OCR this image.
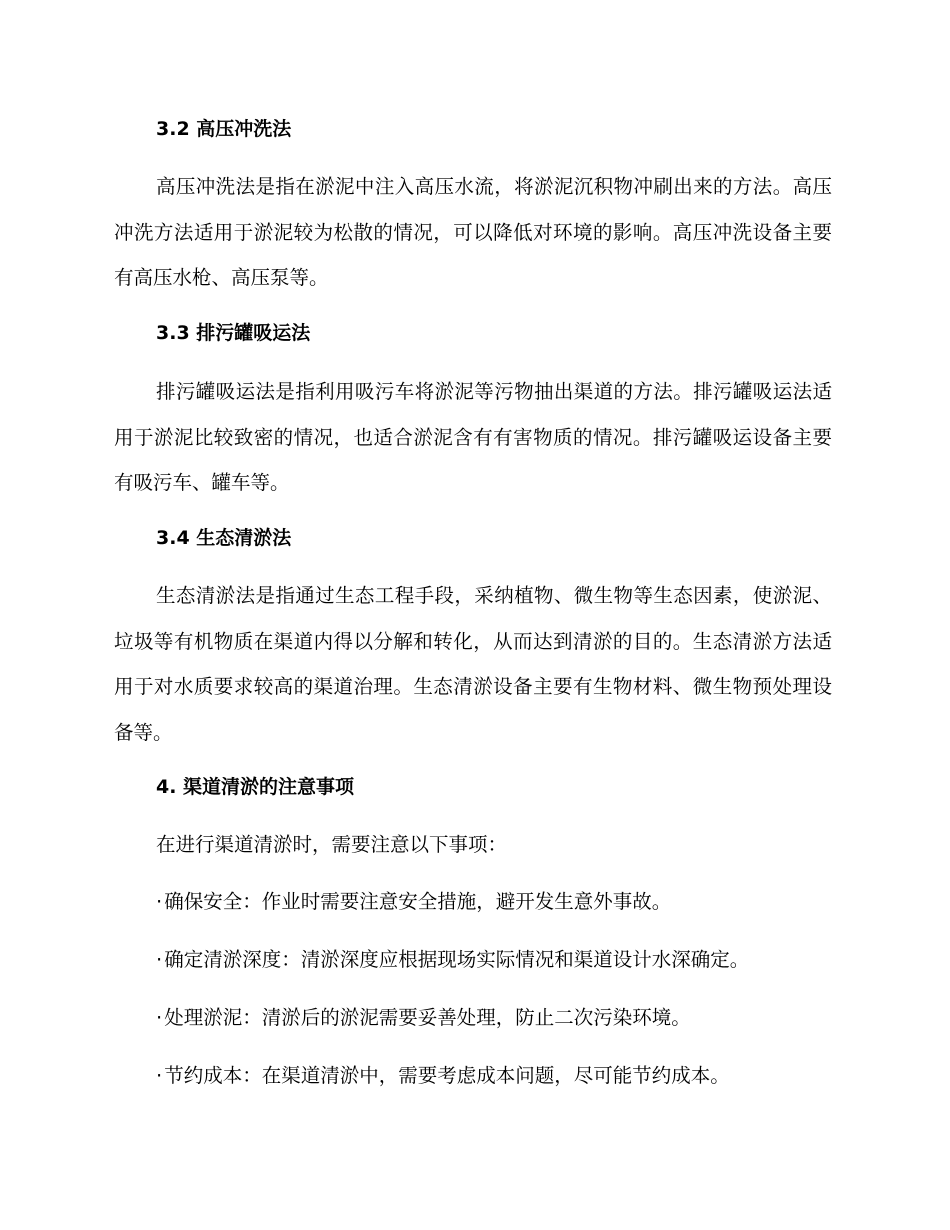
3.2 高压冲洗法

高压冲洗法是指在淤泥中注入高压水流，将淤泥沉积物冲刷出来的方法。高压冲洗方法适用于淤泥较为松散的情况，可以降低对环境的影响。高压冲洗设备主要有高压水枪、高压泵等。

3.3 排污罐吸运法

排污罐吸运法是指利用吸污车将淤泥等污物抽出渠道的方法。排污罐吸运法适用于淤泥比较致密的情况，也适合淤泥含有有害物质的情况。排污罐吸运设备主要有吸污车、罐车等。

3.4 生态清淤法

生态清淤法是指通过生态工程手段，采纳植物、微生物等生态因素，使淤泥、垃圾等有机物质在渠道内得以分解和转化，从而达到清淤的目的。生态清淤方法适用于对水质要求较高的渠道治理。生态清淤设备主要有生物材料、微生物预处理设备等。

4. 渠道清淤的注意事项
在进行渠道清淤时，需要注意以下事项：
· 确保安全：作业时需要注意安全措施，避开发生意外事故。
· 确定清淤深度：清淤深度应根据现场实际情况和渠道设计水深确定。
· 处理淤泥：清淤后的淤泥需要妥善处理，防止二次污染环境。
· 节约成本：在渠道清淤中，需要考虑成本问题，尽可能节约成本。
